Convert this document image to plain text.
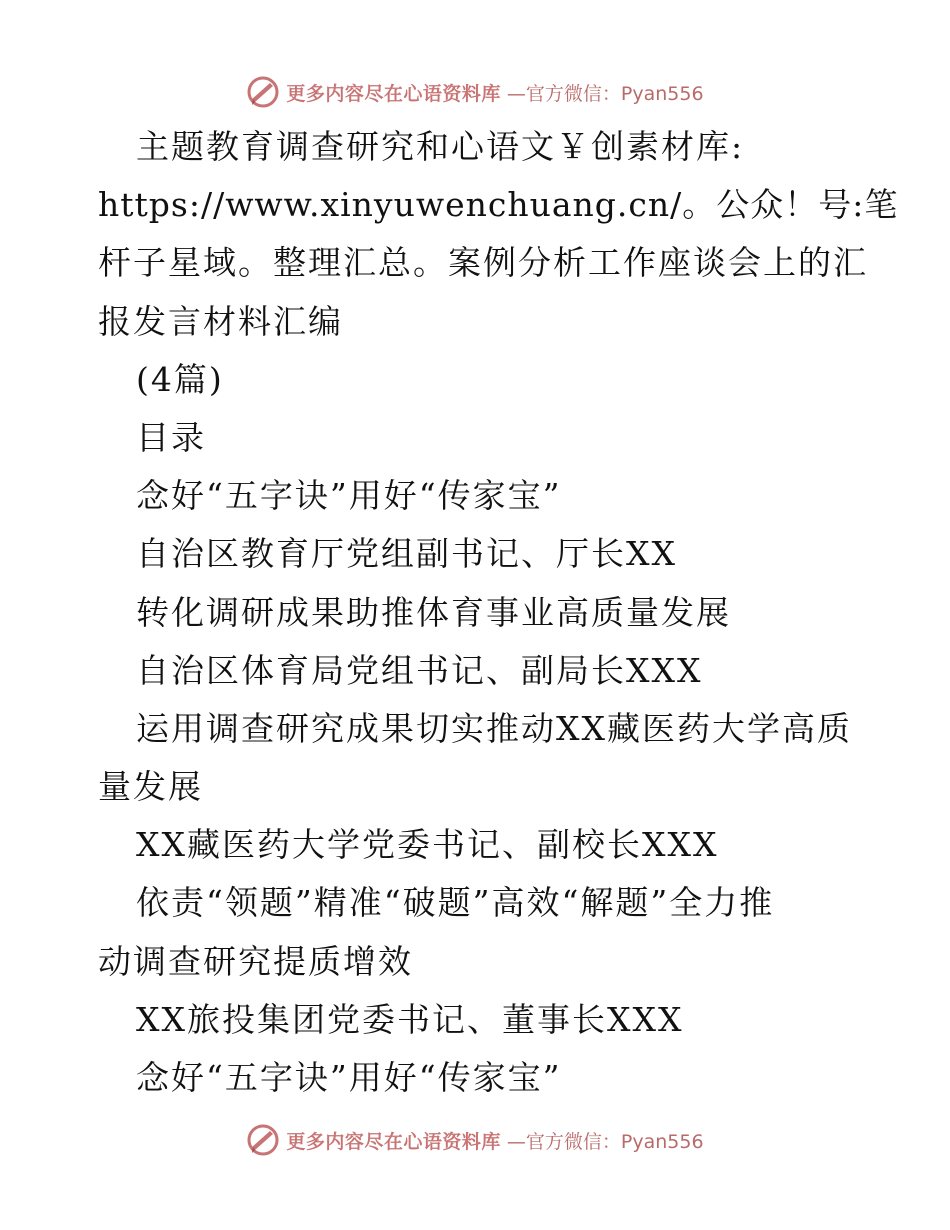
更多内容尽在心语资料库 —官方微信：Pyan556
主题教育调查研究和心语文￥创素材库:
https://www.xinyuwenchuang.cn/。公众！号:笔
杆子星域。整理汇总。案例分析工作座谈会上的汇
报发言材料汇编
(4篇)
目录
念好“五字诀”用好“传家宝”
自治区教育厅党组副书记、厅长XX
转化调研成果助推体育事业高质量发展
自治区体育局党组书记、副局长XXX
运用调查研究成果切实推动XX藏医药大学高质
量发展
XX藏医药大学党委书记、副校长XXX
依责“领题”精准“破题”高效“解题”全力推
动调查研究提质增效
XX旅投集团党委书记、董事长XXX
念好“五字诀”用好“传家宝”
更多内容尽在心语资料库 —官方微信：Pyan556
